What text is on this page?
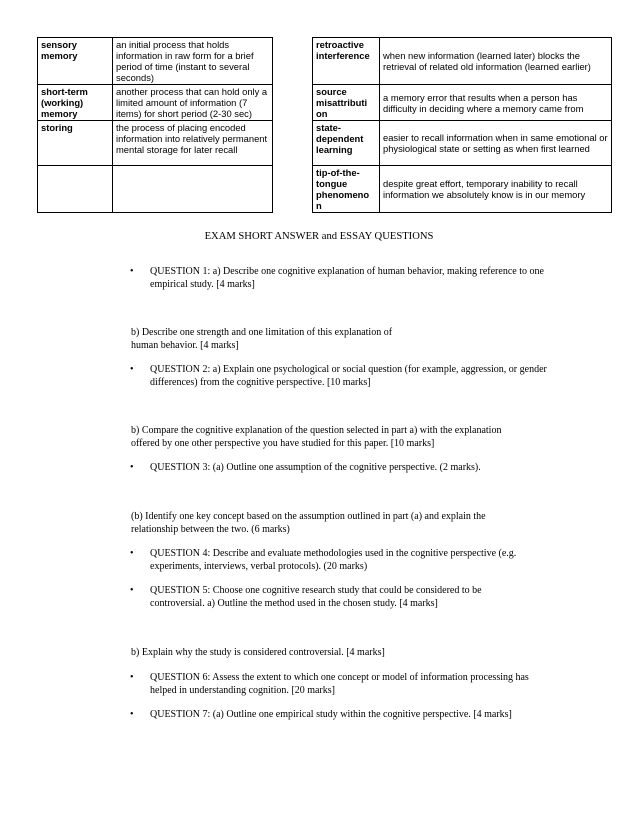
sensory memory	an initial process that holds information in raw form for a brief period of time (instant to several seconds)		retroactive interference	when new information (learned later) blocks the retrieval of related old information (learned earlier)
short-term (working) memory	another process that can hold only a limited amount of information (7 items) for short period (2-30 sec)		source misattributi on	a memory error that results when a person has difficulty in deciding where a memory came from
storing	the process of placing encoded information into relatively permanent mental storage for later recall		state-dependent learning	easier to recall information when in same emotional or physiological state or setting as when first learned
			tip-of-the-tongue phenomeno n	despite great effort, temporary inability to recall information we absolutely know is in our memory
EXAM SHORT ANSWER and ESSAY QUESTIONS
• QUESTION 1: a) Describe one cognitive explanation of human behavior, making reference to one empirical study. [4 marks]
b) Describe one strength and one limitation of this explanation of human behavior. [4 marks]
• QUESTION 2: a) Explain one psychological or social question (for example, aggression, or gender differences) from the cognitive perspective. [10 marks]
b) Compare the cognitive explanation of the question selected in part a) with the explanation offered by one other perspective you have studied for this paper. [10 marks]
• QUESTION 3: (a) Outline one assumption of the cognitive perspective. (2 marks).
(b) Identify one key concept based on the assumption outlined in part (a) and explain the relationship between the two. (6 marks)
• QUESTION 4: Describe and evaluate methodologies used in the cognitive perspective (e.g. experiments, interviews, verbal protocols). (20 marks)
• QUESTION 5: Choose one cognitive research study that could be considered to be controversial. a) Outline the method used in the chosen study. [4 marks]
b) Explain why the study is considered controversial. [4 marks]
• QUESTION 6: Assess the extent to which one concept or model of information processing has helped in understanding cognition. [20 marks]
• QUESTION 7: (a) Outline one empirical study within the cognitive perspective. [4 marks]
